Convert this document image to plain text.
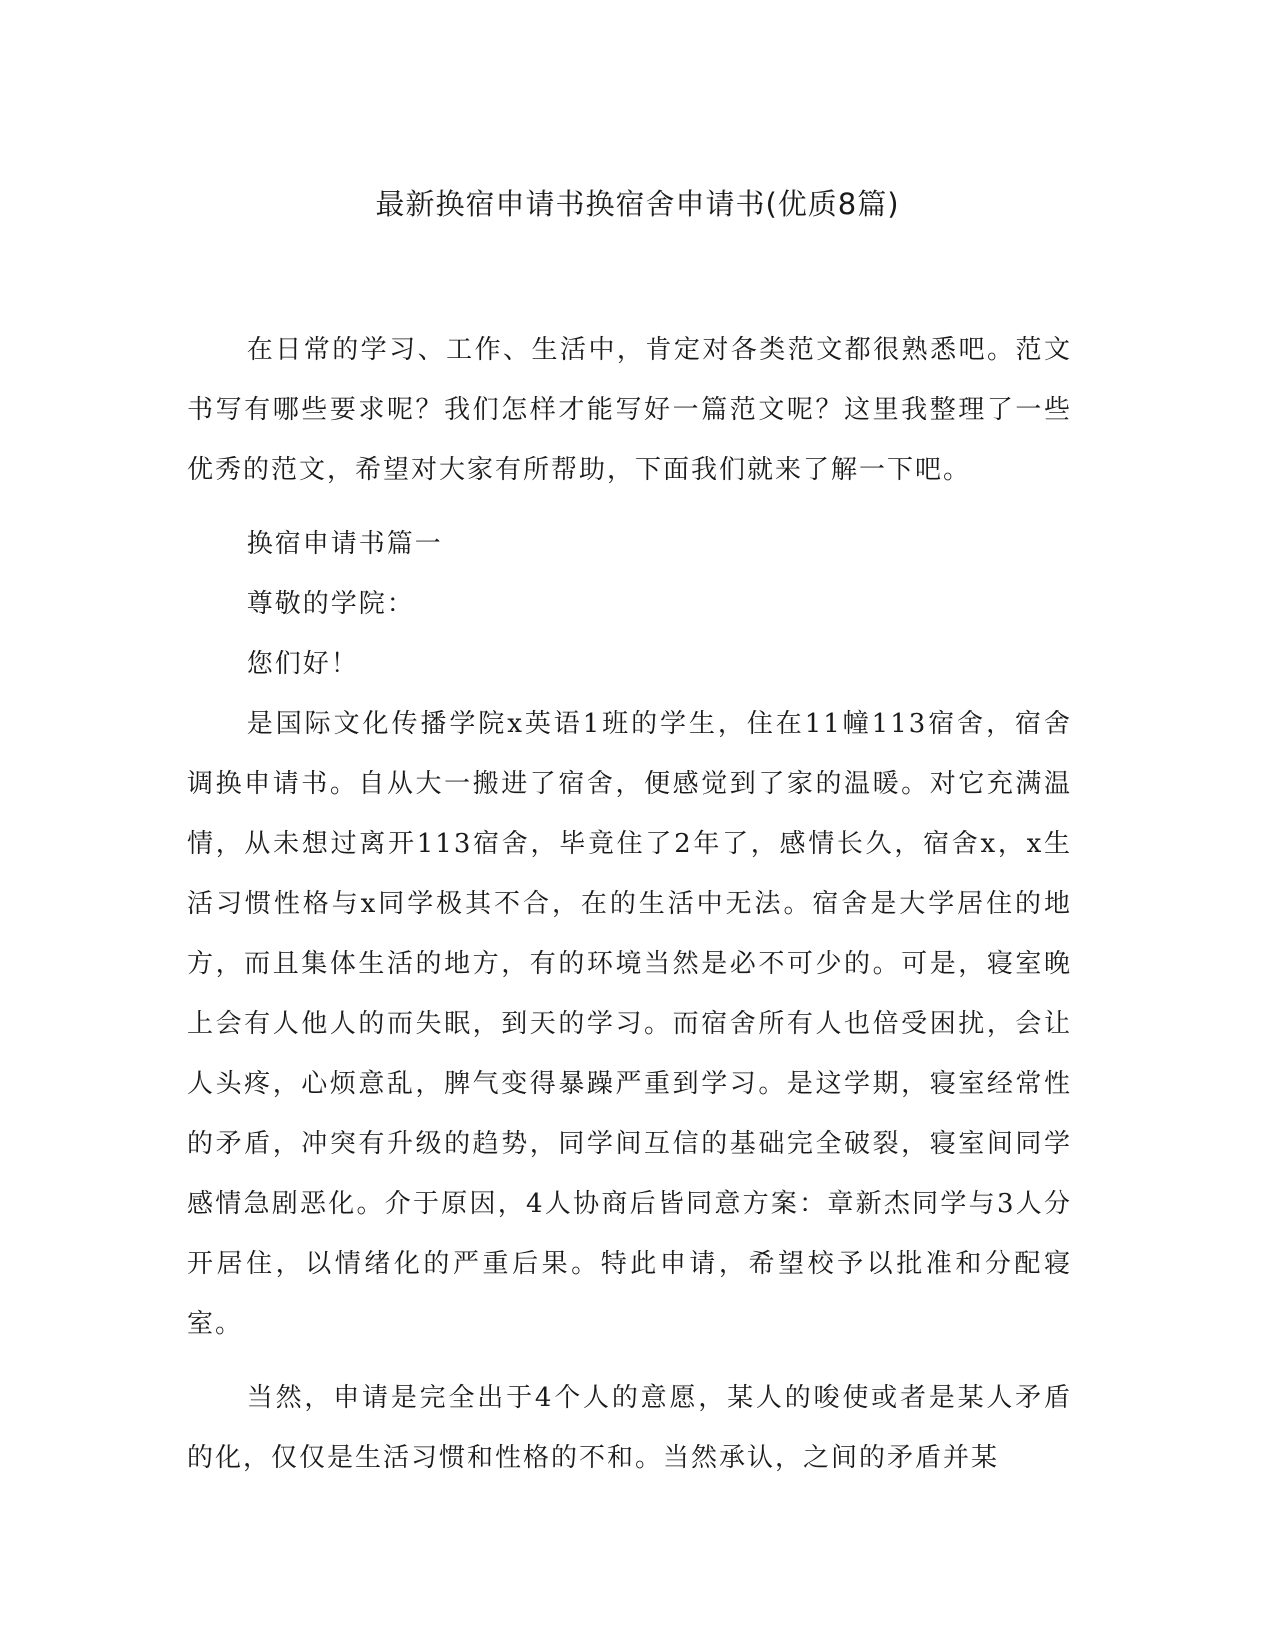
最新换宿申请书换宿舍申请书(优质8篇)

在日常的学习、工作、生活中，肯定对各类范文都很熟悉吧。范文书写有哪些要求呢？我们怎样才能写好一篇范文呢？这里我整理了一些优秀的范文，希望对大家有所帮助，下面我们就来了解一下吧。

换宿申请书篇一

尊敬的学院：

您们好！

是国际文化传播学院x英语1班的学生，住在11幢113宿舍，宿舍调换申请书。自从大一搬进了宿舍，便感觉到了家的温暖。对它充满温情，从未想过离开113宿舍，毕竟住了2年了，感情长久，宿舍x，x生活习惯性格与x同学极其不合，在的生活中无法。宿舍是大学居住的地方，而且集体生活的地方，有的环境当然是必不可少的。可是，寝室晚上会有人他人的而失眠，到天的学习。而宿舍所有人也倍受困扰，会让人头疼，心烦意乱，脾气变得暴躁严重到学习。是这学期，寝室经常性的矛盾，冲突有升级的趋势，同学间互信的基础完全破裂，寝室间同学感情急剧恶化。介于原因，4人协商后皆同意方案：章新杰同学与3人分开居住，以情绪化的严重后果。特此申请，希望校予以批准和分配寝室。

当然，申请是完全出于4个人的意愿，某人的唆使或者是某人矛盾的化，仅仅是生活习惯和性格的不和。当然承认，之间的矛盾并某
